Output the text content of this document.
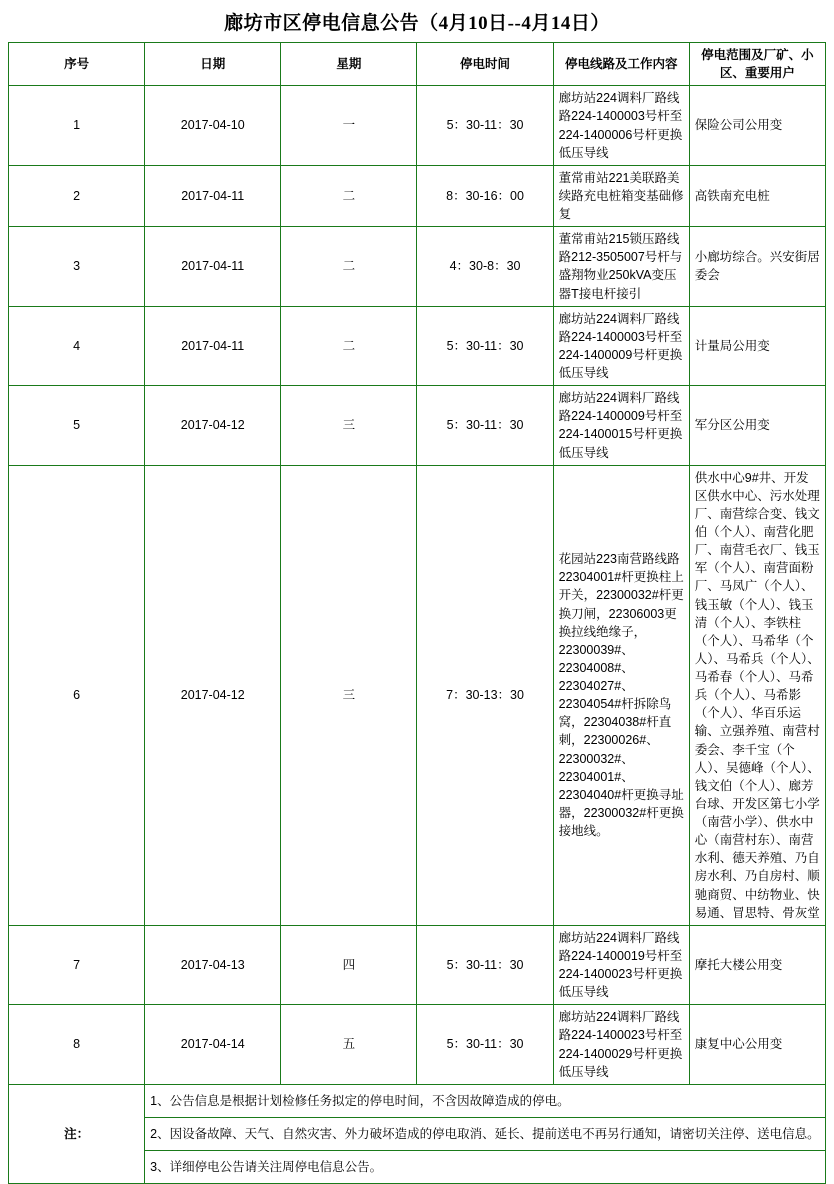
廊坊市区停电信息公告（4月10日--4月14日）
序号	日期	星期	停电时间	停电线路及工作内容	停电范围及厂矿、小区、重要用户
1	2017-04-10	一	5：30-11：30	廊坊站224调料厂路线路224-1400003号杆至224-1400006号杆更换低压导线	保险公司公用变
2	2017-04-11	二	8：30-16：00	董常甫站221美联路美续路充电桩箱变基础修复	高铁南充电桩
3	2017-04-11	二	4：30-8：30	董常甫站215锁压路线路212-3505007号杆与盛翔物业250kVA变压器T接电杆接引	小廊坊综合。兴安街居委会
4	2017-04-11	二	5：30-11：30	廊坊站224调料厂路线路224-1400003号杆至224-1400009号杆更换低压导线	计量局公用变
5	2017-04-12	三	5：30-11：30	廊坊站224调料厂路线路224-1400009号杆至224-1400015号杆更换低压导线	军分区公用变
6	2017-04-12	三	7：30-13：30	花园站223南营路线路22304001#杆更换柱上开关，22300032#杆更换刀闸，22306003更换拉线绝缘子，22300039#、22304008#、22304027#、22304054#杆拆除鸟窝，22304038#杆直刺，22300026#、22300032#、22304001#、22304040#杆更换寻址器，22300032#杆更换接地线。	供水中心9#井、开发区供水中心、污水处理厂、南营综合变、钱文伯（个人）、南营化肥厂、南营毛衣厂、钱玉军（个人）、南营面粉厂、马凤广（个人）、钱玉敏（个人）、钱玉清（个人）、李铁柱（个人）、马希华（个人）、马希兵（个人）、马希春（个人）、马希兵（个人）、马希影（个人）、华百乐运输、立强养殖、南营村委会、李千宝（个人）、吴德峰（个人）、钱文伯（个人）、廊芳台球、开发区第七小学（南营小学）、供水中心（南营村东）、南营水利、德天养殖、乃自房水利、乃自房村、顺驰商贸、中纺物业、快易通、冒思特、骨灰堂
7	2017-04-13	四	5：30-11：30	廊坊站224调料厂路线路224-1400019号杆至224-1400023号杆更换低压导线	摩托大楼公用变
8	2017-04-14	五	5：30-11：30	廊坊站224调料厂路线路224-1400023号杆至224-1400029号杆更换低压导线	康复中心公用变
注：	1、公告信息是根据计划检修任务拟定的停电时间，不含因故障造成的停电。				
	2、因设备故障、天气、自然灾害、外力破坏造成的停电取消、延长、提前送电不再另行通知，请密切关注停、送电信息。				
	3、详细停电公告请关注周停电信息公告。				
